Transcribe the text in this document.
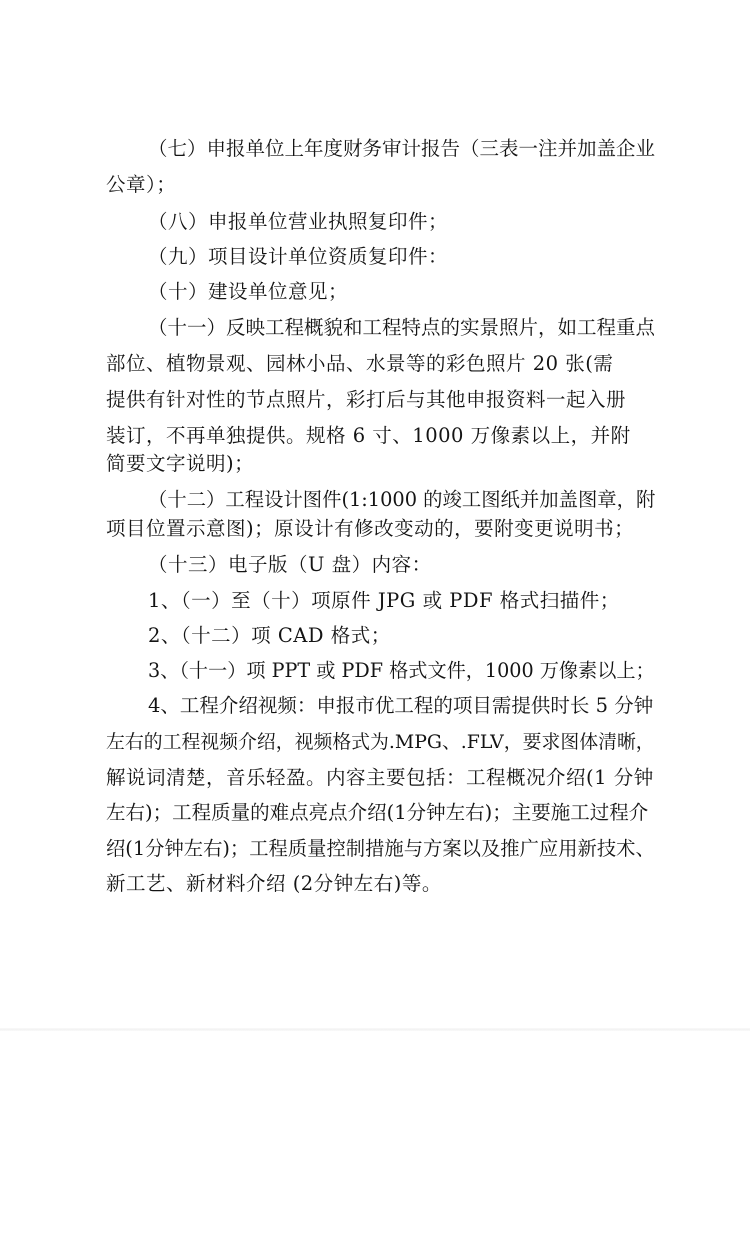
（七）申报单位上年度财务审计报告（三表一注并加盖企业
公章）；
（八）申报单位营业执照复印件；
（九）项目设计单位资质复印件：
（十）建设单位意见；
（十一）反映工程概貌和工程特点的实景照片，如工程重点
部位、植物景观、园林小品、水景等的彩色照片 20 张(需
提供有针对性的节点照片，彩打后与其他申报资料一起入册
装订，不再单独提供。规格 6 寸、1000 万像素以上，并附
简要文字说明)；
（十二）工程设计图件(1:1000 的竣工图纸并加盖图章，附
项目位置示意图)；原设计有修改变动的，要附变更说明书；
（十三）电子版（U 盘）内容：
1、（一）至（十）项原件 JPG 或 PDF 格式扫描件；
2、（十二）项 CAD 格式；
3、（十一）项 PPT 或 PDF 格式文件，1000 万像素以上；
4、工程介绍视频：申报市优工程的项目需提供时长 5 分钟
左右的工程视频介绍，视频格式为.MPG、.FLV，要求图体清晰，
解说词清楚，音乐轻盈。内容主要包括：工程概况介绍(1 分钟
左右)；工程质量的难点亮点介绍(1分钟左右)；主要施工过程介
绍(1分钟左右)；工程质量控制措施与方案以及推广应用新技术、
新工艺、新材料介绍 (2分钟左右)等。
